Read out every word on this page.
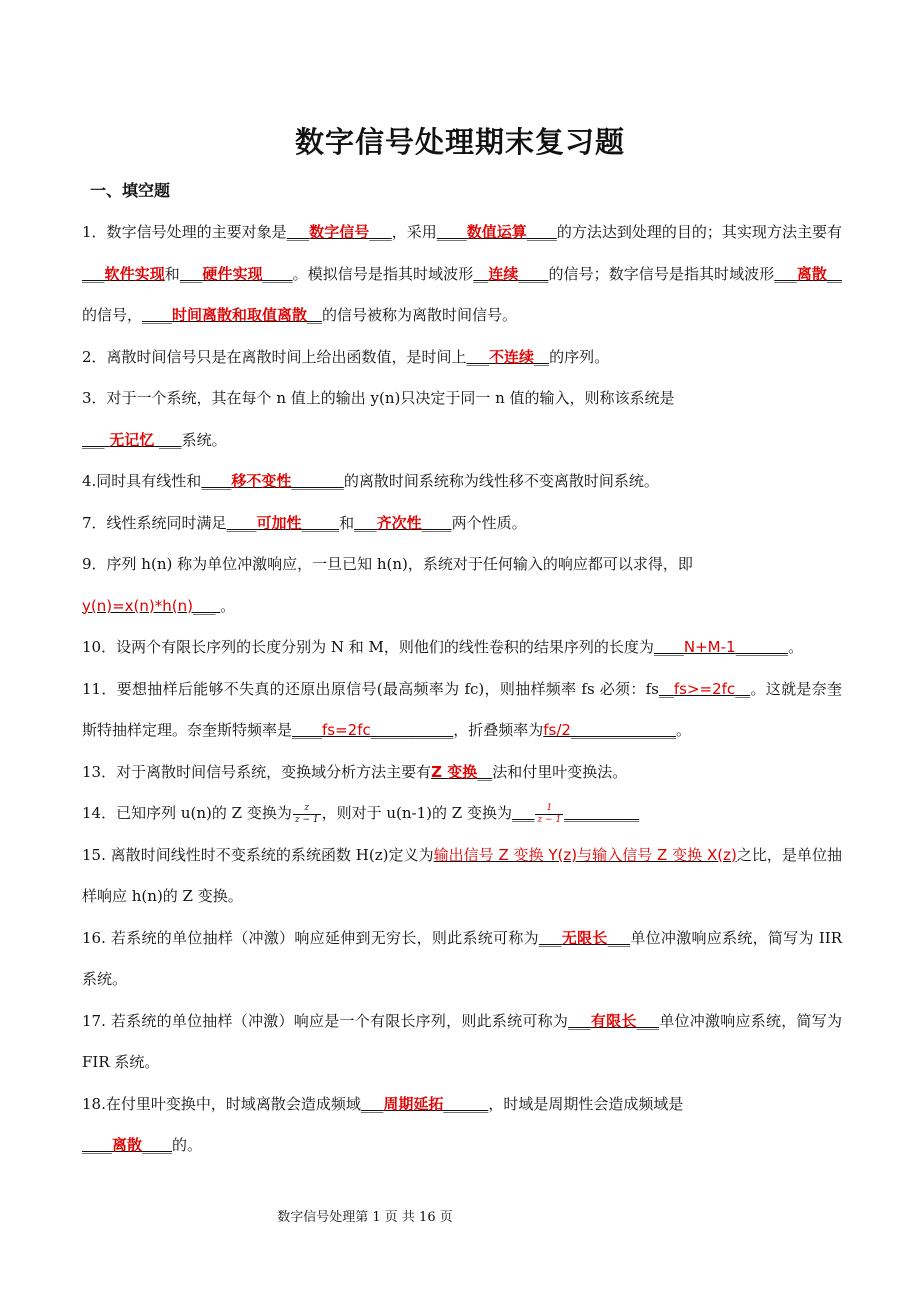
数字信号处理期末复习题
一、填空题

1．数字信号处理的主要对象是___数字信号___，采用____数值运算____的方法达到处理的目的；其实现方法主要有___软件实现和___硬件实现____。模拟信号是指其时域波形__连续____的信号；数字信号是指其时域波形___离散__的信号，____时间离散和取值离散__的信号被称为离散时间信号。

2．离散时间信号只是在离散时间上给出函数值，是时间上___不连续__的序列。

3．对于一个系统，其在每个 n 值上的输出 y(n)只决定于同一 n 值的输入，则称该系统是
___ 无记忆 ___系统。

4.同时具有线性和____移不变性_______的离散时间系统称为线性移不变离散时间系统。

7．线性系统同时满足____可加性_____和___齐次性____两个性质。

9．序列 h(n) 称为单位冲激响应，一旦已知 h(n)，系统对于任何输入的响应都可以求得，即
y(n)=x(n)*h(n)___ 。

10．设两个有限长序列的长度分别为 N 和 M，则他们的线性卷积的结果序列的长度为____N+M-1_______。

11．要想抽样后能够不失真的还原出原信号(最高频率为 fc)，则抽样频率 fs 必须：fs__fs>=2fc__。这就是奈奎斯特抽样定理。奈奎斯特频率是____fs=2fc___________，折叠频率为fs/2______________。

13．对于离散时间信号系统，变换域分析方法主要有Z 变换__法和付里叶变换法。

14．已知序列 u(n)的 Z 变换为 $\frac{z}{z - 1}$ ，则对于 u(n-1)的 Z 变换为___ $\frac{1}{z - 1}$ __________

15. 离散时间线性时不变系统的系统函数 H(z)定义为输出信号 Z 变换 Y(z)与输入信号 Z 变换 X(z)之比，是单位抽样响应 h(n)的 Z 变换。

16. 若系统的单位抽样（冲激）响应延伸到无穷长，则此系统可称为___无限长___单位冲激响应系统，简写为 IIR 系统。

17. 若系统的单位抽样（冲激）响应是一个有限长序列，则此系统可称为___有限长___单位冲激响应系统，简写为 FIR 系统。

18.在付里叶变换中，时域离散会造成频域___周期延拓______，时域是周期性会造成频域是
____离散____的。

数字信号处理第 1 页 共 16 页
